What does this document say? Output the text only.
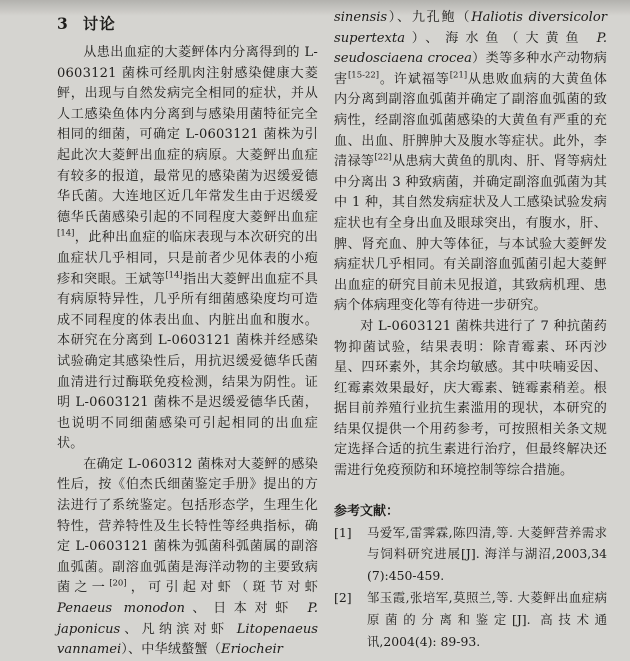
3 讨论

从患出血症的大菱鲆体内分离得到的 L-0603121 菌株可经肌肉注射感染健康大菱鲆，出现与自然发病完全相同的症状，并从人工感染鱼体内分离到与感染用菌特征完全相同的细菌，可确定 L-0603121 菌株为引起此次大菱鲆出血症的病原。大菱鲆出血症有较多的报道，最常见的感染菌为迟缓爱德华氏菌。大连地区近几年常发生由于迟缓爱德华氏菌感染引起的不同程度大菱鲆出血症[14]，此种出血症的临床表现与本次研究的出血症状几乎相同，只是前者少见体表的小疱疹和突眼。王斌等[14]指出大菱鲆出血症不具有病原特异性，几乎所有细菌感染度均可造成不同程度的体表出血、内脏出血和腹水。本研究在分离到 L-0603121 菌株并经感染试验确定其感染性后，用抗迟缓爱德华氏菌血清进行过酶联免疫检测，结果为阴性。证明 L-0603121 菌株不是迟缓爱德华氏菌，也说明不同细菌感染可引起相同的出血症状。

在确定 L-060312 菌株对大菱鲆的感染性后，按《伯杰氏细菌鉴定手册》提出的方法进行了系统鉴定。包括形态学，生理生化特性，营养特性及生长特性等经典指标，确定 L-0603121 菌株为弧菌科弧菌属的副溶血弧菌。副溶血弧菌是海洋动物的主要致病菌之一[20]，可引起对虾（斑节对虾 Penaeus monodon、日本对虾 P. japonicus、凡纳滨对虾 Litopenaeus vannamei）、中华绒螯蟹（Eriocheir

sinensis）、九孔鲍（Haliotis diversicolor supertexta）、海水鱼（大黄鱼 P. seudosciaena crocea）类等多种水产动物病害[15-22]。许斌福等[21]从患败血病的大黄鱼体内分离到副溶血弧菌并确定了副溶血弧菌的致病性，经副溶血弧菌感染的大黄鱼有严重的充血、出血、肝脾肿大及腹水等症状。此外，李清禄等[22]从患病大黄鱼的肌肉、肝、肾等病灶中分离出 3 种致病菌，并确定副溶血弧菌为其中 1 种，其自然发病症状及人工感染试验发病症状也有全身出血及眼球突出，有腹水，肝、脾、肾充血、肿大等体征，与本试验大菱鲆发病症状几乎相同。有关副溶血弧菌引起大菱鲆出血症的研究目前未见报道，其致病机理、患病个体病理变化等有待进一步研究。

对 L-0603121 菌株共进行了 7 种抗菌药物抑菌试验，结果表明：除青霉素、环丙沙星、四环素外，其余均敏感。其中呋喃妥因、红霉素效果最好，庆大霉素、链霉素稍差。根据目前养殖行业抗生素滥用的现状，本研究的结果仅提供一个用药参考，可按照相关条文规定选择合适的抗生素进行治疗，但最终解决还需进行免疫预防和环境控制等综合措施。

参考文献：
[1]	马爱军,雷霁霖,陈四清,等. 大菱鲆营养需求与饲料研究进展[J]. 海洋与湖沼,2003,34 (7):450-459.
[2]	邹玉霞,张培军,莫照兰,等. 大菱鲆出血症病原菌的分离和鉴定[J]. 高技术通讯,2004(4): 89-93.
